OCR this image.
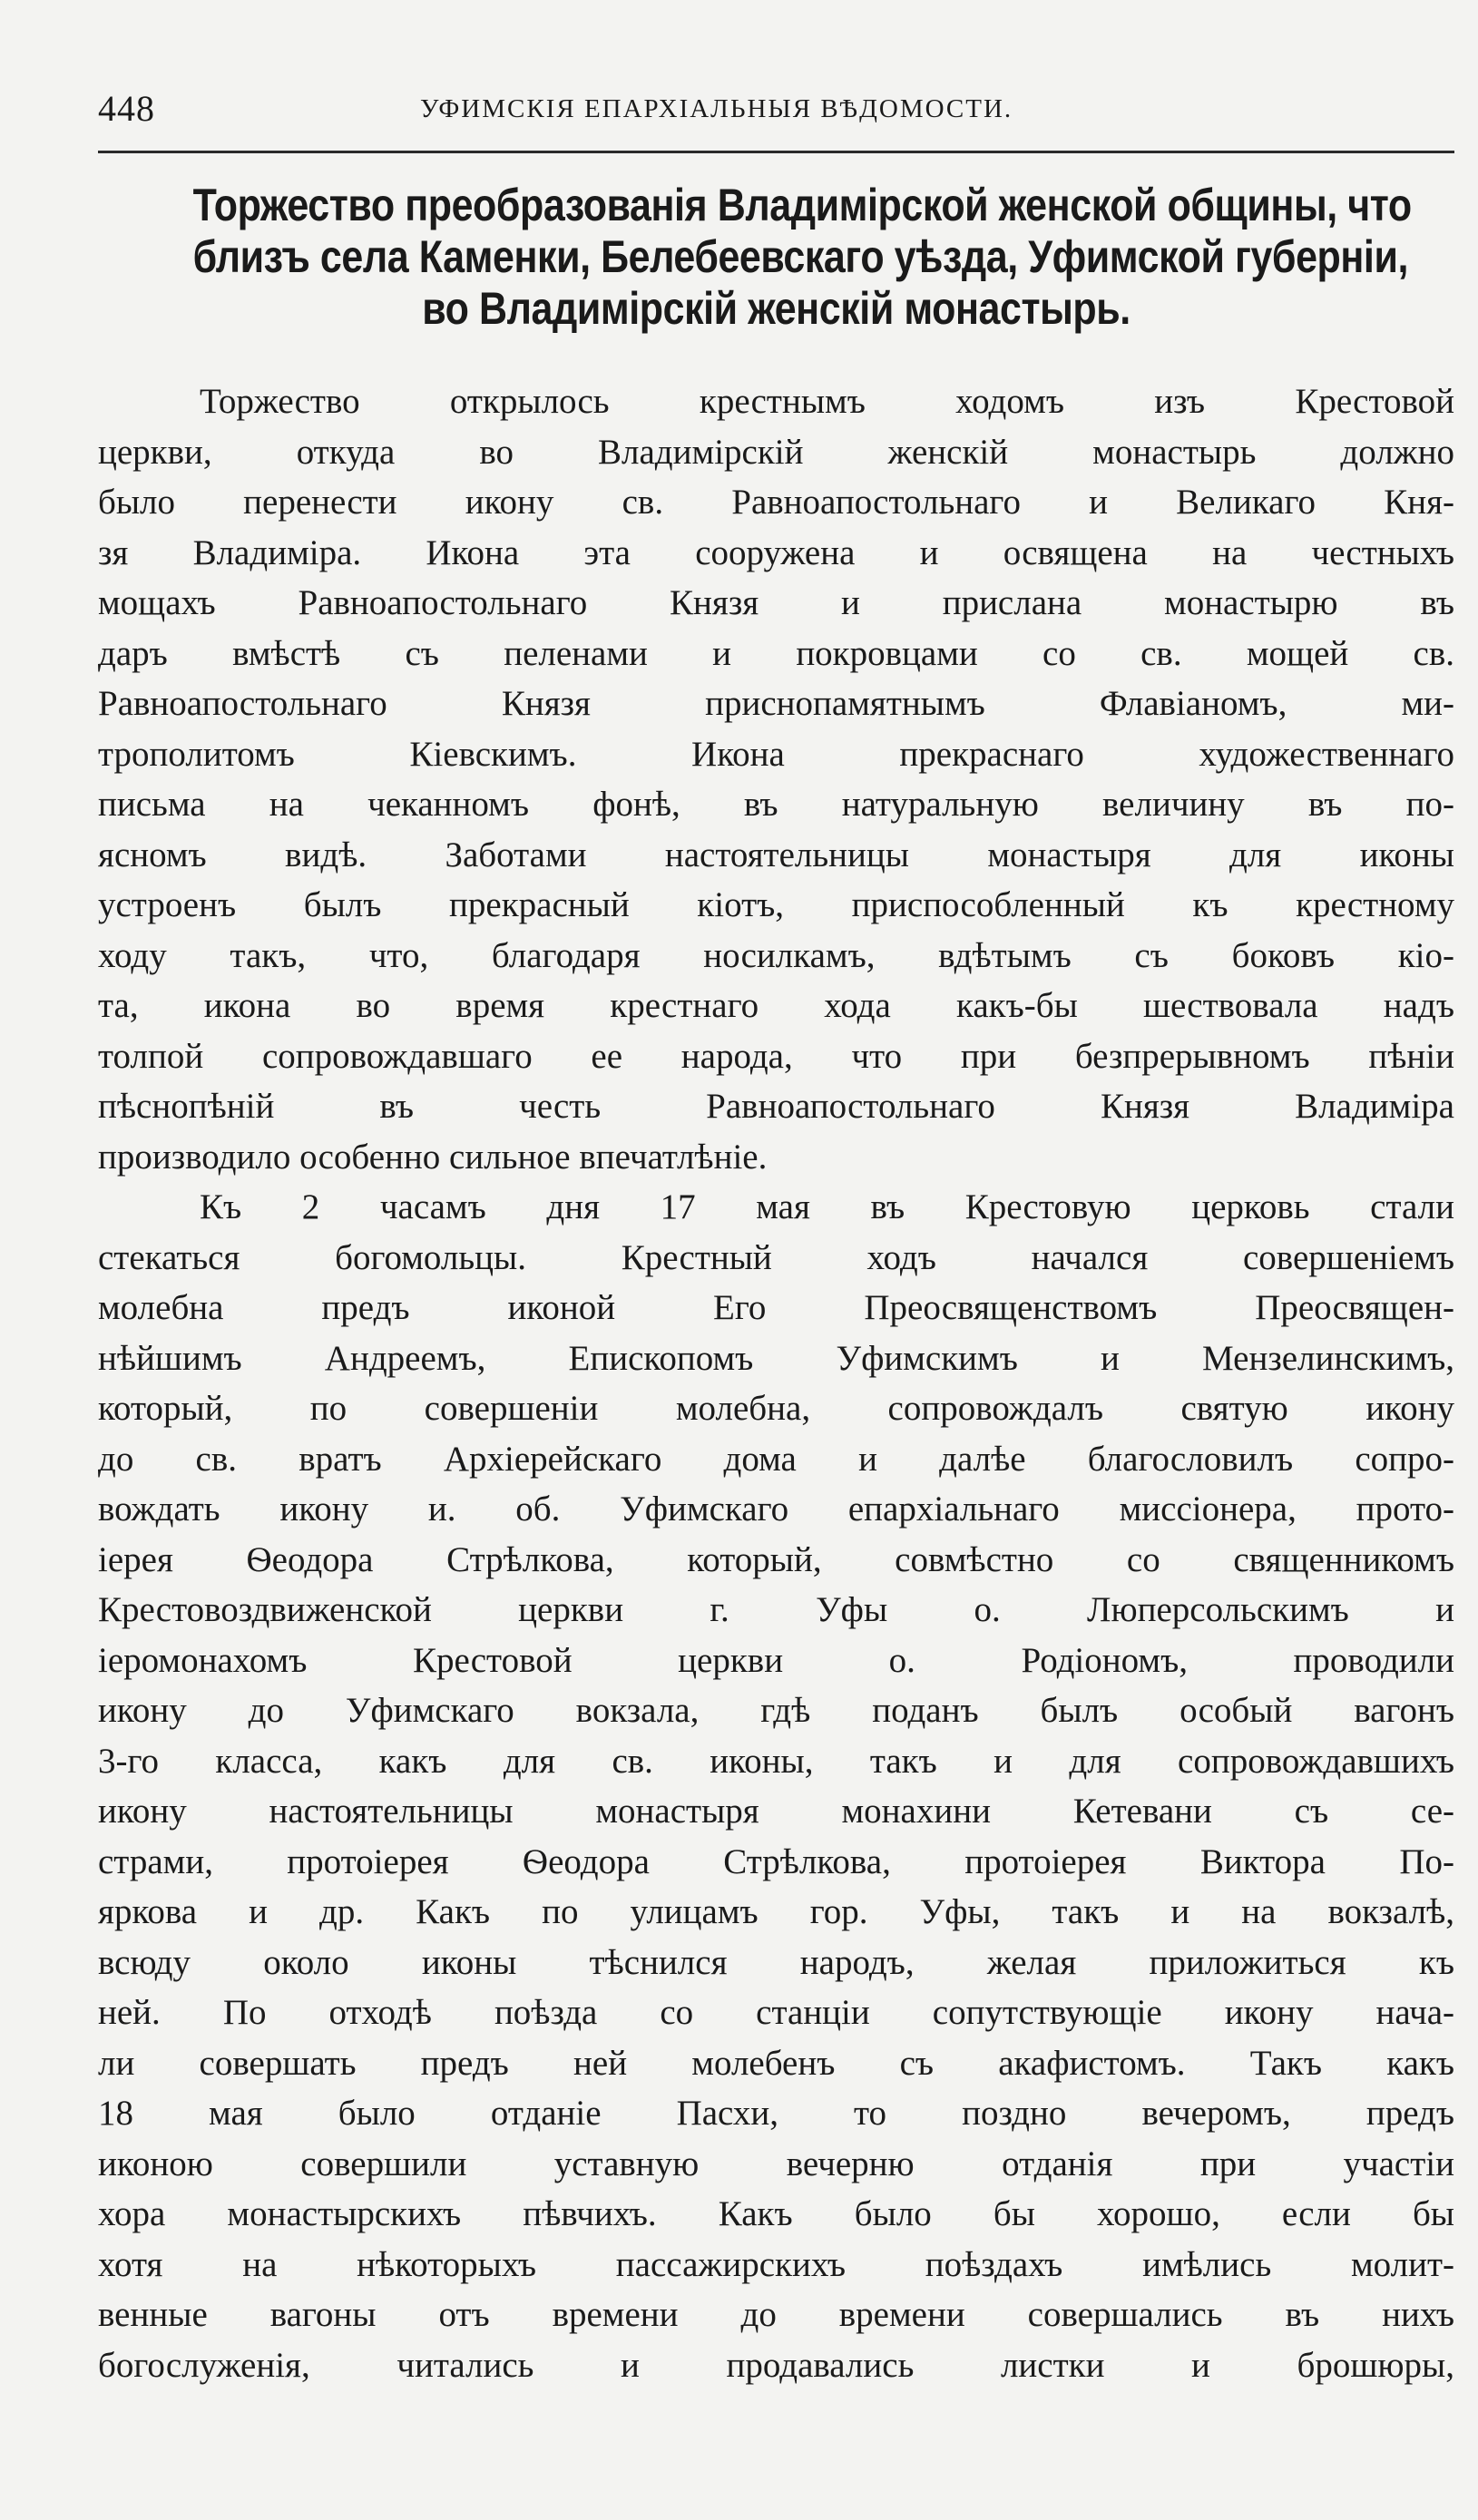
448	УФИМСКІЯ ЕПАРХІАЛЬНЫЯ ВѢДОМОСТИ.
Торжество преобразованія Владимірской женской общины, что
близъ села Каменки, Белебеевскаго уѣзда, Уфимской губерніи,
во Владимірскій женскій монастырь.
Торжество открылось крестнымъ ходомъ изъ Крестовой
церкви, откуда во Владимірскій женскій монастырь должно
было перенести икону св. Равноапостольнаго и Великаго Кня-
зя Владиміра. Икона эта сооружена и освящена на честныхъ
мощахъ Равноапостольнаго Князя и прислана монастырю въ
даръ вмѣстѣ съ пеленами и покровцами со св. мощей св.
Равноапостольнаго Князя приснопамятнымъ Флавіаномъ, ми-
трополитомъ Кіевскимъ. Икона прекраснаго художественнаго
письма на чеканномъ фонѣ, въ натуральную величину въ по-
ясномъ видѣ. Заботами настоятельницы монастыря для иконы
устроенъ былъ прекрасный кіотъ, приспособленный къ крестному
ходу такъ, что, благодаря носилкамъ, вдѣтымъ съ боковъ кіо-
та, икона во время крестнаго хода какъ-бы шествовала надъ
толпой сопровождавшаго ее народа, что при безпрерывномъ пѣніи
пѣснопѣній въ честь Равноапостольнаго Князя Владиміра
производило особенно сильное впечатлѣніе.
Къ 2 часамъ дня 17 мая въ Крестовую церковь стали
стекаться богомольцы. Крестный ходъ начался совершеніемъ
молебна предъ иконой Его Преосвященствомъ Преосвящен-
нѣйшимъ Андреемъ, Епископомъ Уфимскимъ и Мензелинскимъ,
который, по совершеніи молебна, сопровождалъ святую икону
до св. вратъ Архіерейскаго дома и далѣе благословилъ сопро-
вождать икону и. об. Уфимскаго епархіальнаго миссіонера, прото-
іерея Ѳеодора Стрѣлкова, который, совмѣстно со священникомъ
Крестовоздвиженской церкви г. Уфы о. Люперсольскимъ и
іеромонахомъ Крестовой церкви о. Родіономъ, проводили
икону до Уфимскаго вокзала, гдѣ поданъ былъ особый вагонъ
3-го класса, какъ для св. иконы, такъ и для сопровождавшихъ
икону настоятельницы монастыря монахини Кетевани съ се-
страми, протоіерея Ѳеодора Стрѣлкова, протоіерея Виктора По-
яркова и др. Какъ по улицамъ гор. Уфы, такъ и на вокзалѣ,
всюду около иконы тѣснился народъ, желая приложиться къ
ней. По отходѣ поѣзда со станціи сопутствующіе икону нача-
ли совершать предъ ней молебенъ съ акафистомъ. Такъ какъ
18 мая было отданіе Пасхи, то поздно вечеромъ, предъ
иконою совершили уставную вечерню отданія при участіи
хора монастырскихъ пѣвчихъ. Какъ было бы хорошо, если бы
хотя на нѣкоторыхъ пассажирскихъ поѣздахъ имѣлись молит-
венные вагоны отъ времени до времени совершались въ нихъ
богослуженія, читались и продавались листки и брошюры,
